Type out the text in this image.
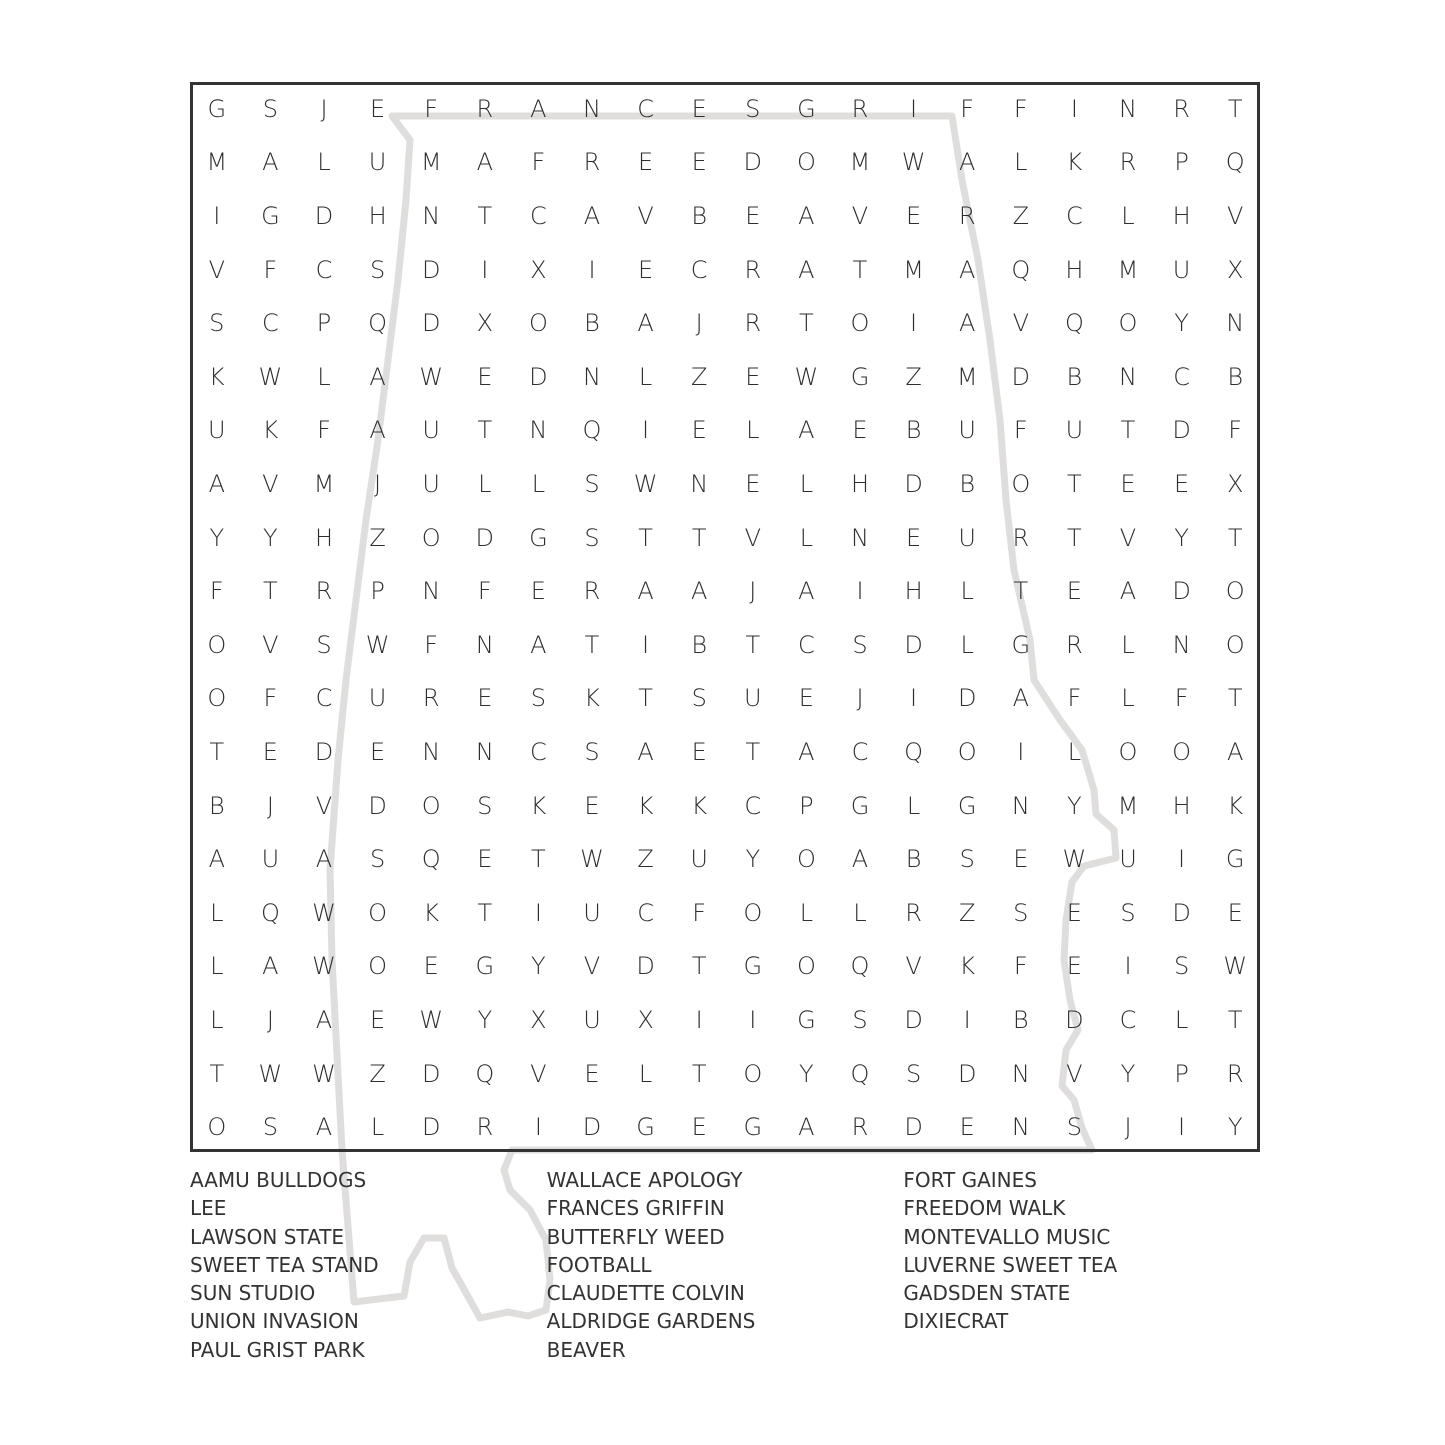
G	S	J	E	F	R	A	N	C	E	S	G	R	I	F	F	I	N	R	T
M	A	L	U	M	A	F	R	E	E	D	O	M	W	A	L	K	R	P	Q
I	G	D	H	N	T	C	A	V	B	E	A	V	E	R	Z	C	L	H	V
V	F	C	S	D	I	X	I	E	C	R	A	T	M	A	Q	H	M	U	X
S	C	P	Q	D	X	O	B	A	J	R	T	O	I	A	V	Q	O	Y	N
K	W	L	A	W	E	D	N	L	Z	E	W	G	Z	M	D	B	N	C	B
U	K	F	A	U	T	N	Q	I	E	L	A	E	B	U	F	U	T	D	F
A	V	M	J	U	L	L	S	W	N	E	L	H	D	B	O	T	E	E	X
Y	Y	H	Z	O	D	G	S	T	T	V	L	N	E	U	R	T	V	Y	T
F	T	R	P	N	F	E	R	A	A	J	A	I	H	L	T	E	A	D	O
O	V	S	W	F	N	A	T	I	B	T	C	S	D	L	G	R	L	N	O
O	F	C	U	R	E	S	K	T	S	U	E	J	I	D	A	F	L	F	T
T	E	D	E	N	N	C	S	A	E	T	A	C	Q	O	I	L	O	O	A
B	J	V	D	O	S	K	E	K	K	C	P	G	L	G	N	Y	M	H	K
A	U	A	S	Q	E	T	W	Z	U	Y	O	A	B	S	E	W	U	I	G
L	Q	W	O	K	T	I	U	C	F	O	L	L	R	Z	S	E	S	D	E
L	A	W	O	E	G	Y	V	D	T	G	O	Q	V	K	F	E	I	S	W
L	J	A	E	W	Y	X	U	X	I	I	G	S	D	I	B	D	C	L	T
T	W	W	Z	D	Q	V	E	L	T	O	Y	Q	S	D	N	V	Y	P	R
O	S	A	L	D	R	I	D	G	E	G	A	R	D	E	N	S	J	I	Y
AAMU BULLDOGS
LEE
LAWSON STATE
SWEET TEA STAND
SUN STUDIO
UNION INVASION
PAUL GRIST PARK
WALLACE APOLOGY
FRANCES GRIFFIN
BUTTERFLY WEED
FOOTBALL
CLAUDETTE COLVIN
ALDRIDGE GARDENS
BEAVER
FORT GAINES
FREEDOM WALK
MONTEVALLO MUSIC
LUVERNE SWEET TEA
GADSDEN STATE
DIXIECRAT
